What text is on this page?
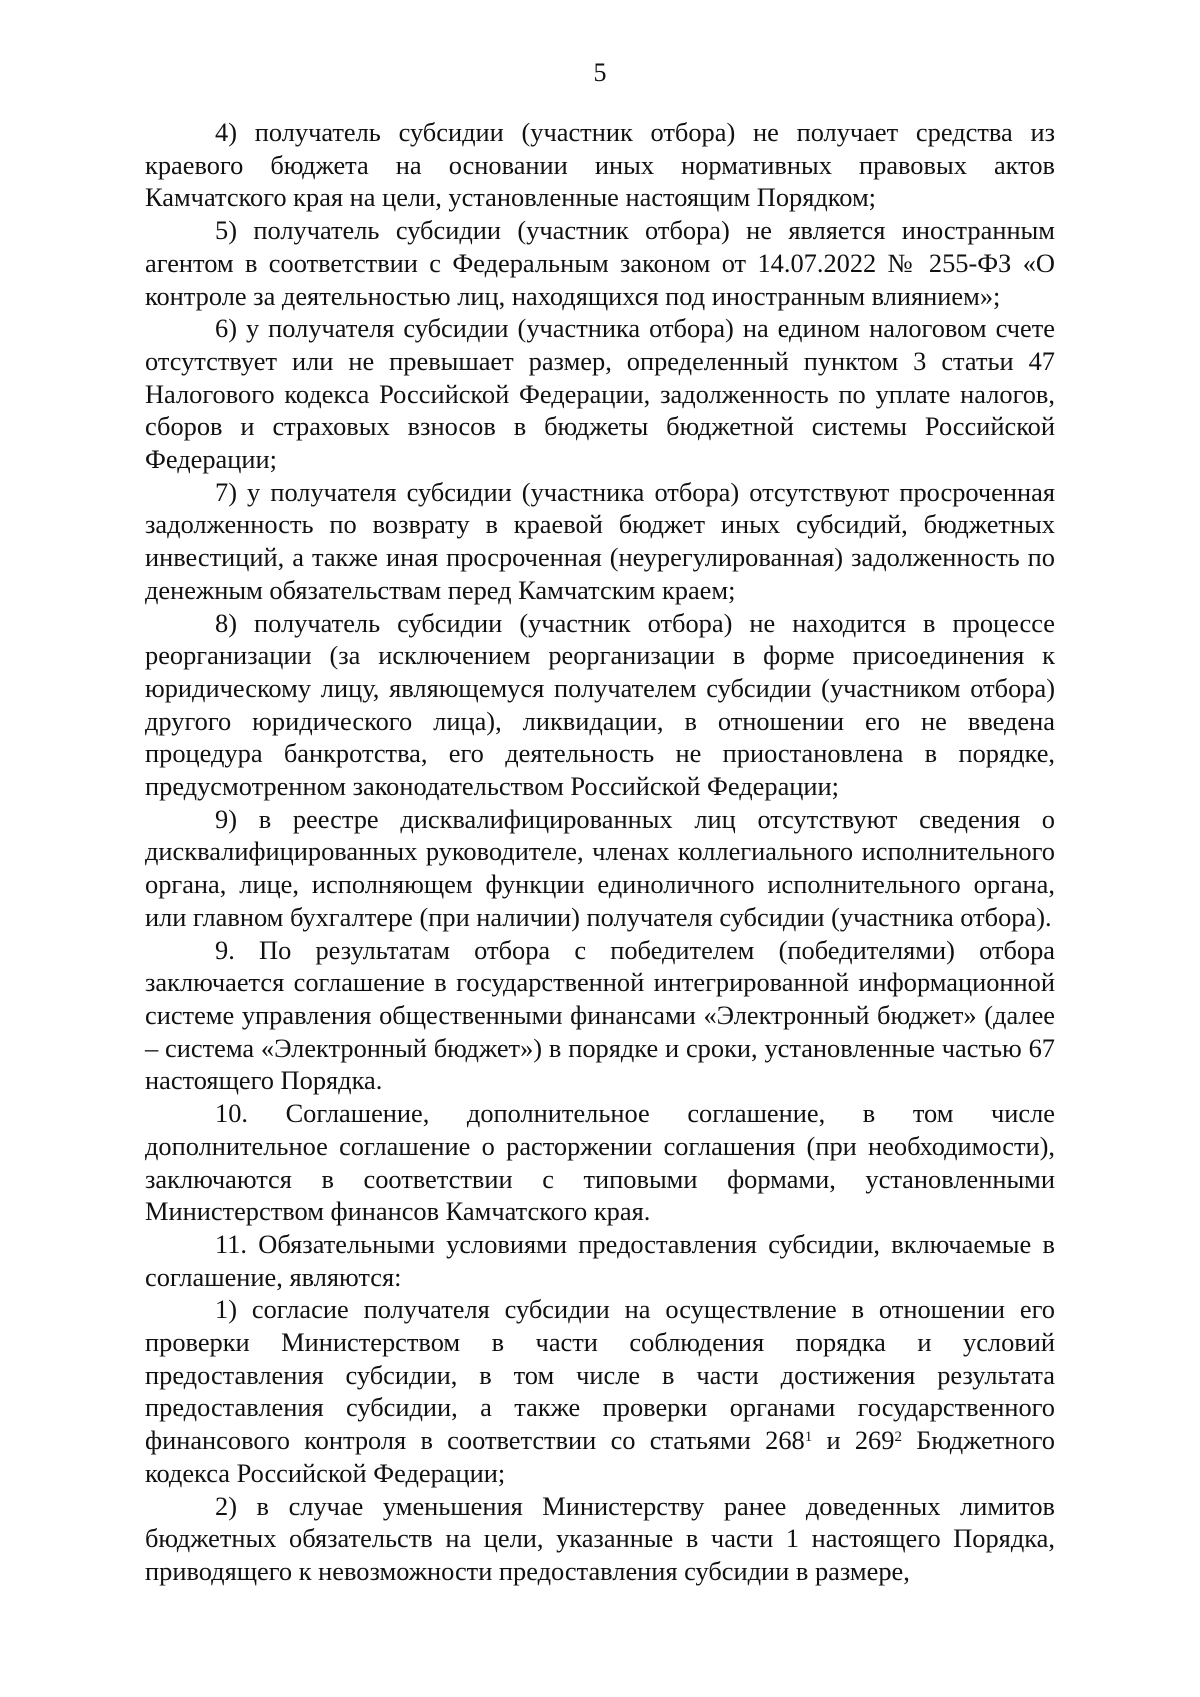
5

4) получатель субсидии (участник отбора) не получает средства из краевого бюджета на основании иных нормативных правовых актов Камчатского края на цели, установленные настоящим Порядком;

5) получатель субсидии (участник отбора) не является иностранным агентом в соответствии с Федеральным законом от 14.07.2022 № 255-ФЗ «О контроле за деятельностью лиц, находящихся под иностранным влиянием»;

6) у получателя субсидии (участника отбора) на едином налоговом счете отсутствует или не превышает размер, определенный пунктом 3 статьи 47 Налогового кодекса Российской Федерации, задолженность по уплате налогов, сборов и страховых взносов в бюджеты бюджетной системы Российской Федерации;

7) у получателя субсидии (участника отбора) отсутствуют просроченная задолженность по возврату в краевой бюджет иных субсидий, бюджетных инвестиций, а также иная просроченная (неурегулированная) задолженность по денежным обязательствам перед Камчатским краем;

8) получатель субсидии (участник отбора) не находится в процессе реорганизации (за исключением реорганизации в форме присоединения к юридическому лицу, являющемуся получателем субсидии (участником отбора) другого юридического лица), ликвидации, в отношении его не введена процедура банкротства, его деятельность не приостановлена в порядке, предусмотренном законодательством Российской Федерации;

9) в реестре дисквалифицированных лиц отсутствуют сведения о дисквалифицированных руководителе, членах коллегиального исполнительного органа, лице, исполняющем функции единоличного исполнительного органа, или главном бухгалтере (при наличии) получателя субсидии (участника отбора).

9. По результатам отбора с победителем (победителями) отбора заключается соглашение в государственной интегрированной информационной системе управления общественными финансами «Электронный бюджет» (далее – система «Электронный бюджет») в порядке и сроки, установленные частью 67 настоящего Порядка.

10. Соглашение, дополнительное соглашение, в том числе дополнительное соглашение о расторжении соглашения (при необходимости), заключаются в соответствии с типовыми формами, установленными Министерством финансов Камчатского края.

11. Обязательными условиями предоставления субсидии, включаемые в соглашение, являются:

1) согласие получателя субсидии на осуществление в отношении его проверки Министерством в части соблюдения порядка и условий предоставления субсидии, в том числе в части достижения результата предоставления субсидии, а также проверки органами государственного финансового контроля в соответствии со статьями $268^1$ и $269^2$ Бюджетного кодекса Российской Федерации;

2) в случае уменьшения Министерству ранее доведенных лимитов бюджетных обязательств на цели, указанные в части 1 настоящего Порядка, приводящего к невозможности предоставления субсидии в размере,
